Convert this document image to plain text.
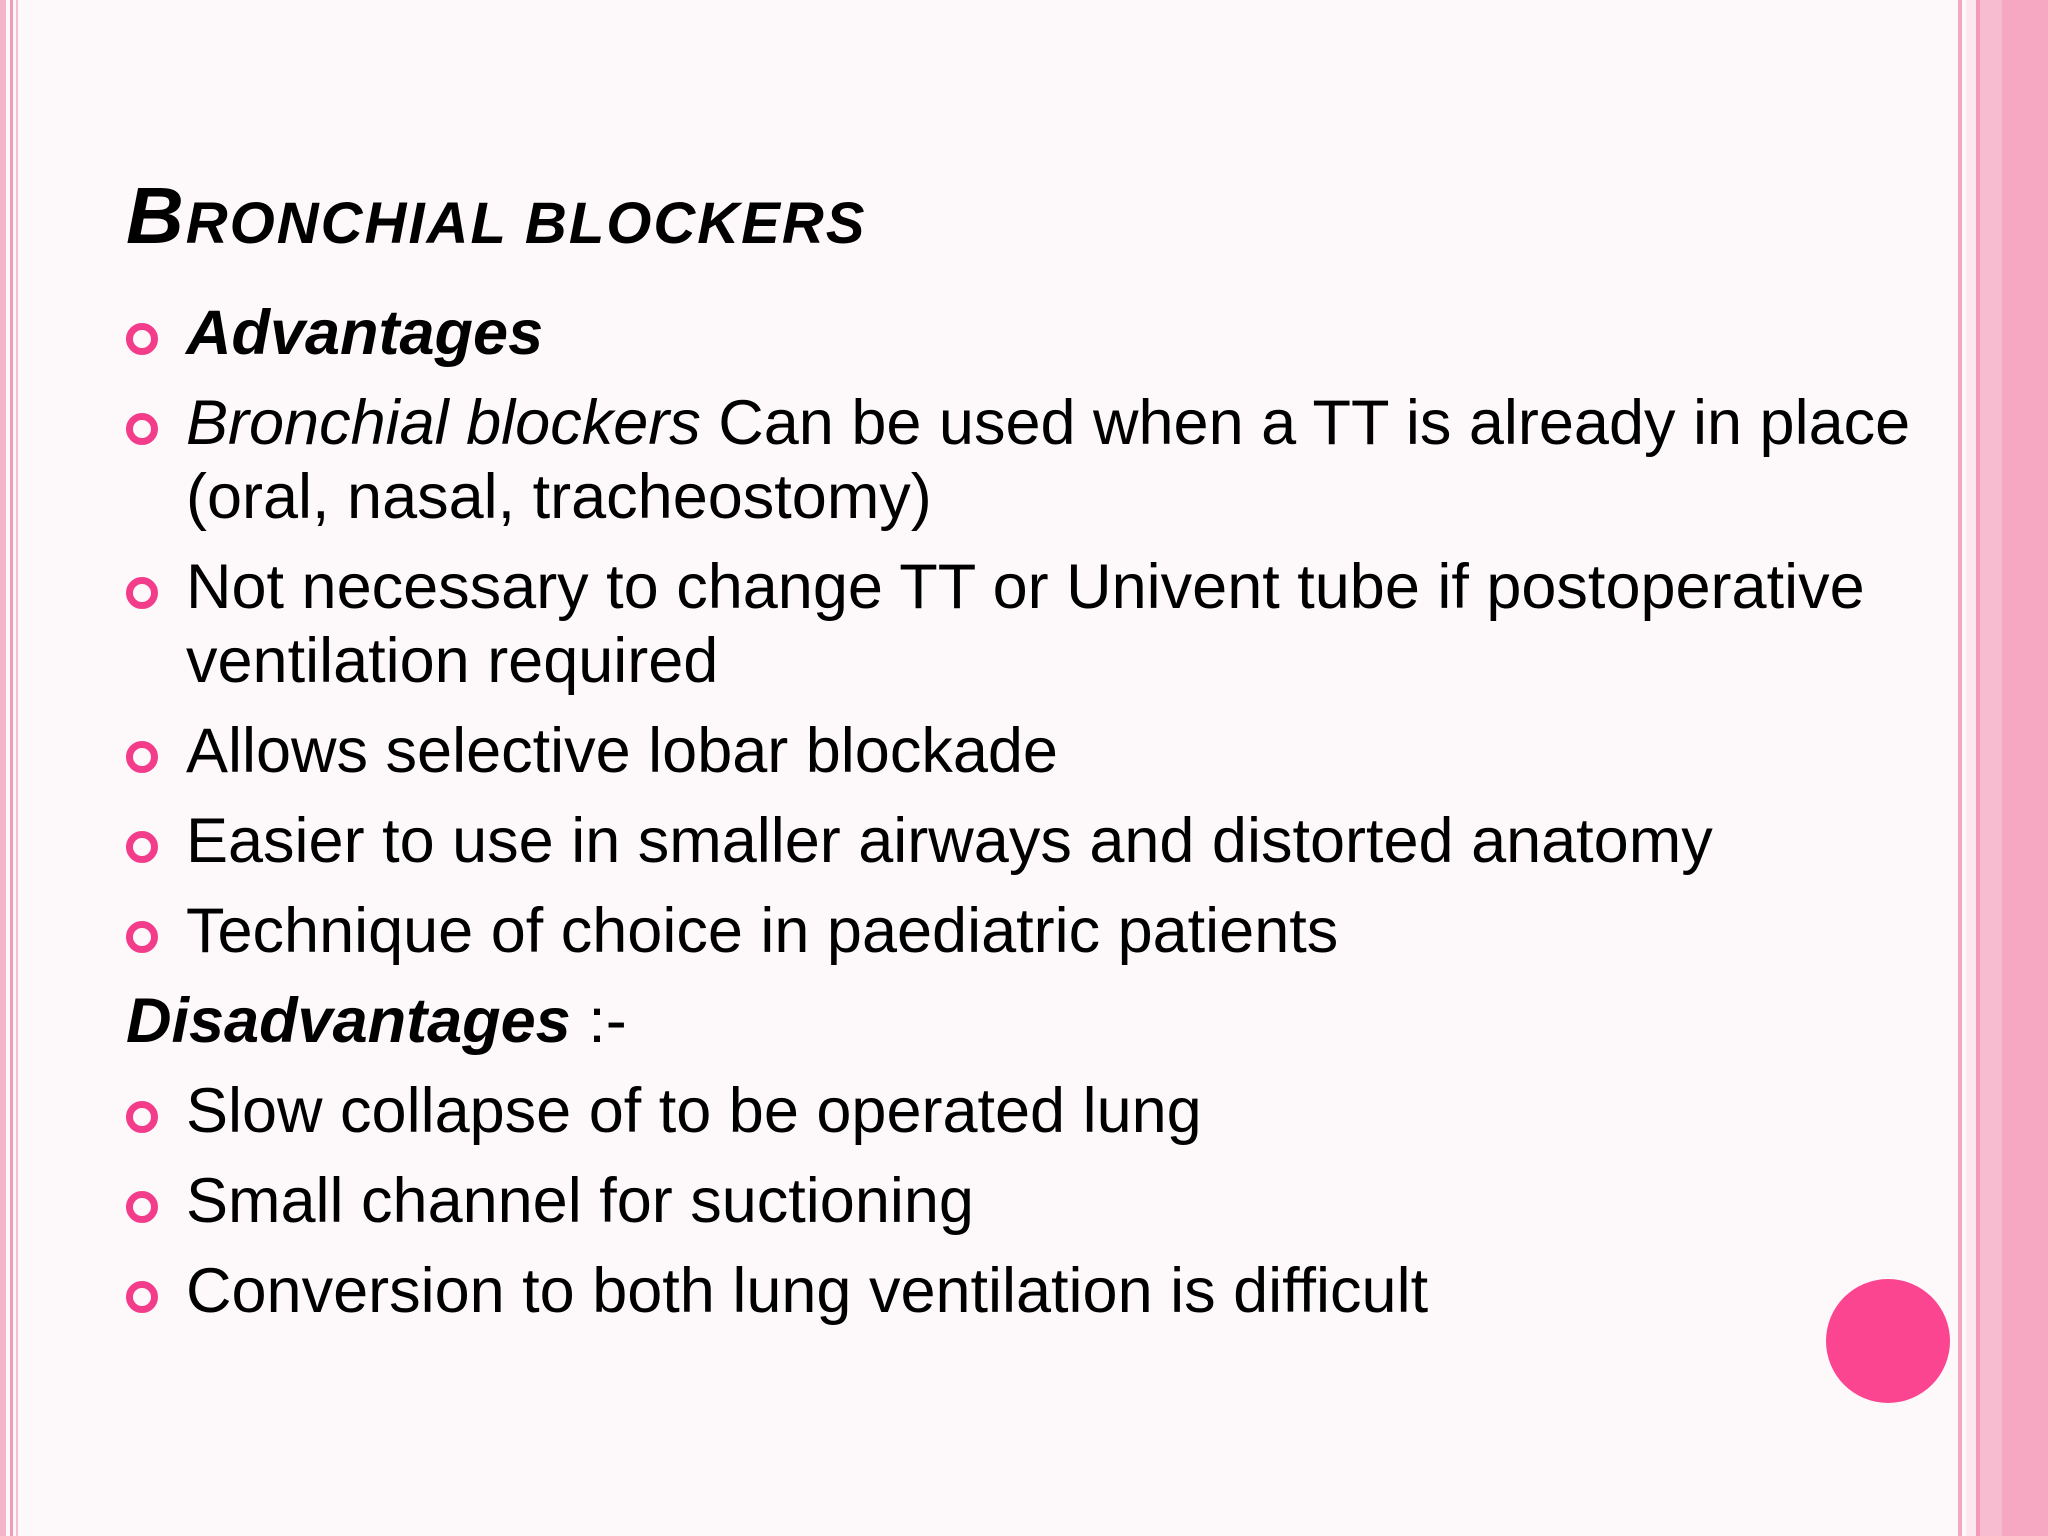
BRONCHIAL BLOCKERS
Advantages
Bronchial blockers Can be used when a TT is already in place (oral, nasal, tracheostomy)
Not necessary to change TT or Univent tube if postoperative ventilation required
Allows selective lobar blockade
Easier to use in smaller airways and distorted anatomy
Technique of choice in paediatric patients
Disadvantages :-
Slow collapse of to be operated lung
Small channel for suctioning
Conversion to both lung ventilation is difficult
